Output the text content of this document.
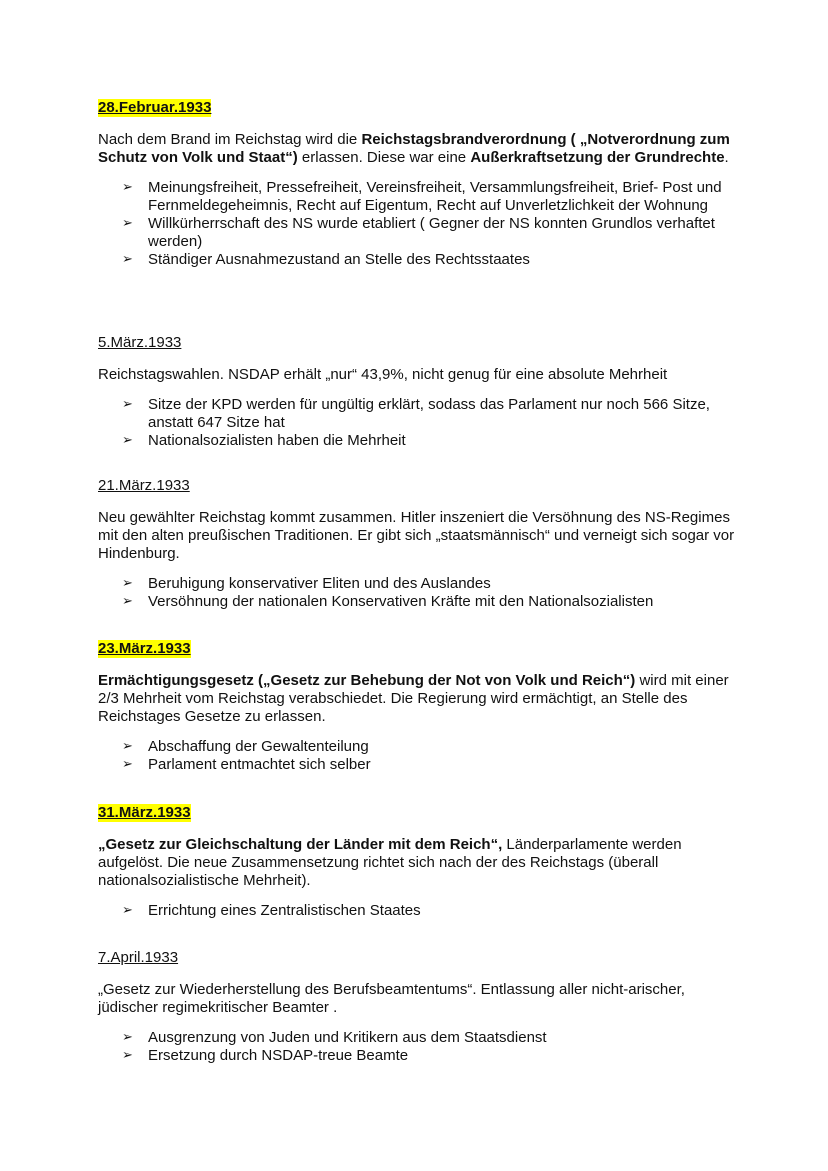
28.Februar.1933

Nach dem Brand im Reichstag wird die Reichstagsbrandverordnung ( „Notverordnung zum Schutz von Volk und Staat“) erlassen. Diese war eine Außerkraftsetzung der Grundrechte.

➢ Meinungsfreiheit, Pressefreiheit, Vereinsfreiheit, Versammlungsfreiheit, Brief- Post und Fernmeldegeheimnis, Recht auf Eigentum, Recht auf Unverletzlichkeit der Wohnung
➢ Willkürherrschaft des NS wurde etabliert ( Gegner der NS konnten Grundlos verhaftet werden)
➢ Ständiger Ausnahmezustand an Stelle des Rechtsstaates
5.März.1933

Reichstagswahlen. NSDAP erhält „nur“ 43,9%, nicht genug für eine absolute Mehrheit

➢ Sitze der KPD werden für ungültig erklärt, sodass das Parlament nur noch 566 Sitze, anstatt 647 Sitze hat
➢ Nationalsozialisten haben die Mehrheit
21.März.1933

Neu gewählter Reichstag kommt zusammen. Hitler inszeniert die Versöhnung des NS-Regimes mit den alten preußischen Traditionen. Er gibt sich „staatsmännisch“ und verneigt sich sogar vor Hindenburg.

➢ Beruhigung konservativer Eliten und des Auslandes
➢ Versöhnung der nationalen Konservativen Kräfte mit den Nationalsozialisten
23.März.1933

Ermächtigungsgesetz („Gesetz zur Behebung der Not von Volk und Reich“) wird mit einer 2/3 Mehrheit vom Reichstag verabschiedet. Die Regierung wird ermächtigt, an Stelle des Reichstages Gesetze zu erlassen.

➢ Abschaffung der Gewaltenteilung
➢ Parlament entmachtet sich selber
31.März.1933

„Gesetz zur Gleichschaltung der Länder mit dem Reich“, Länderparlamente werden aufgelöst. Die neue Zusammensetzung richtet sich nach der des Reichstags (überall nationalsozialistische Mehrheit).

➢ Errichtung eines Zentralistischen Staates
7.April.1933

„Gesetz zur Wiederherstellung des Berufsbeamtentums“. Entlassung aller nicht-arischer, jüdischer regimekritischer Beamter .

➢ Ausgrenzung von Juden und Kritikern aus dem Staatsdienst
➢ Ersetzung durch NSDAP-treue Beamte
